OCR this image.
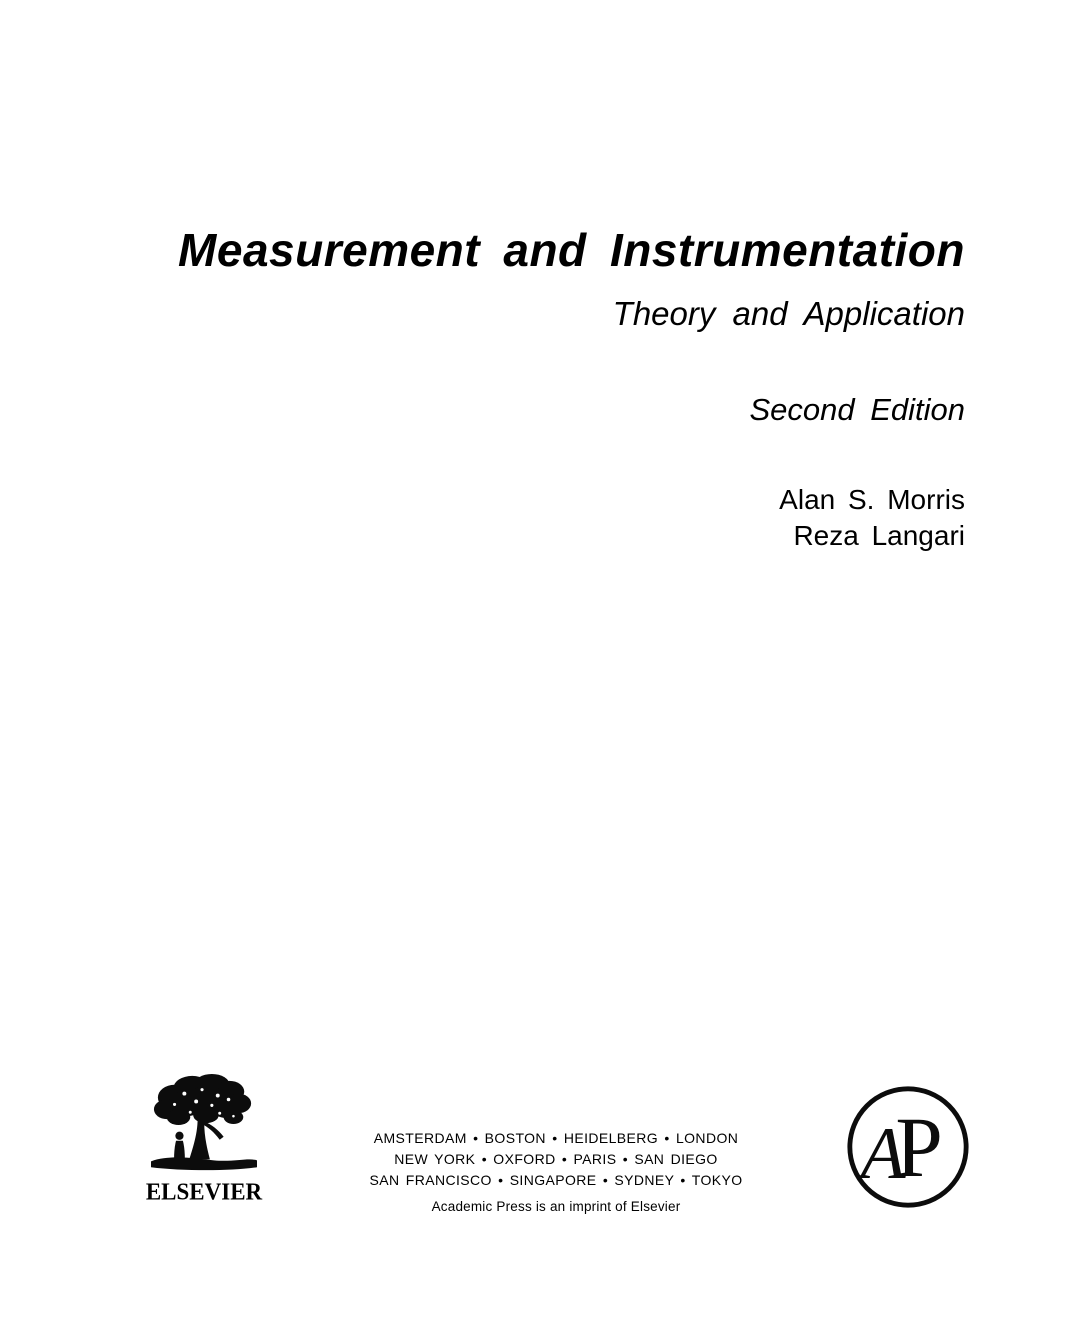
Measurement and Instrumentation
Theory and Application
Second Edition
Alan S. Morris
Reza Langari
ELSEVIER
AMSTERDAM • BOSTON • HEIDELBERG • LONDON
NEW YORK • OXFORD • PARIS • SAN DIEGO
SAN FRANCISCO • SINGAPORE • SYDNEY • TOKYO
Academic Press is an imprint of Elsevier
A
P
